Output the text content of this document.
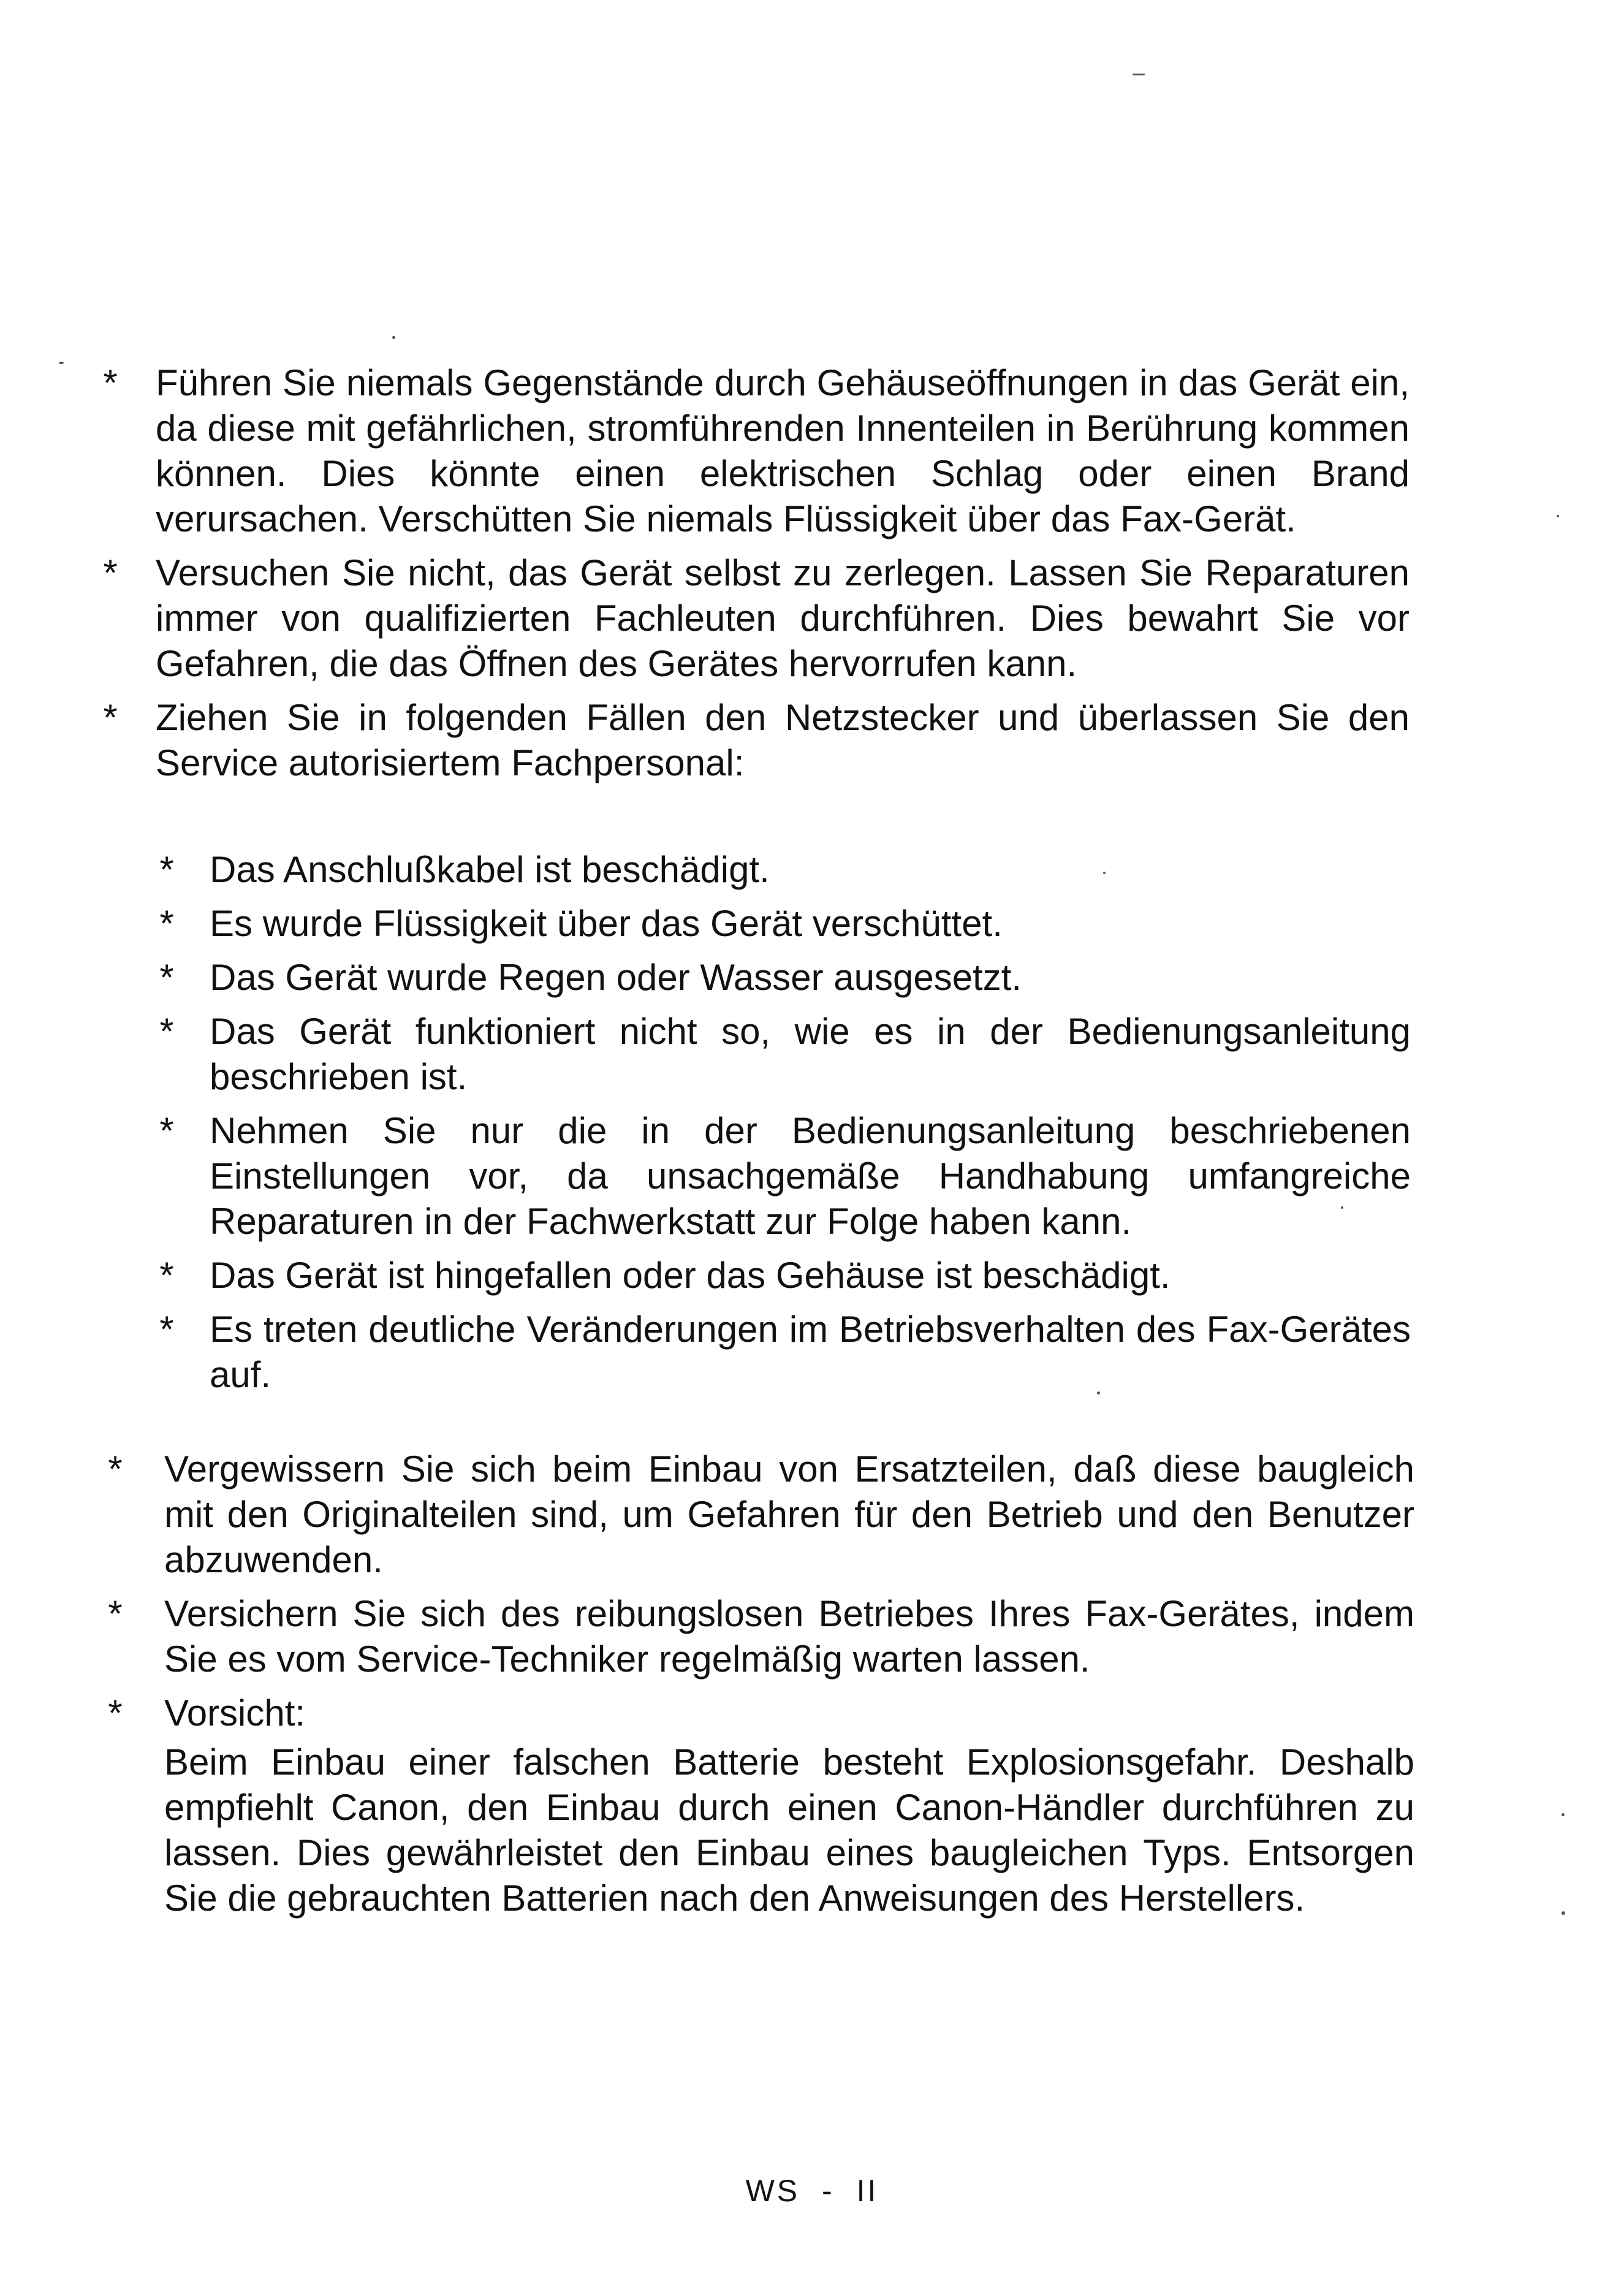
* Führen Sie niemals Gegenstände durch Gehäuseöffnungen in das Gerät ein, da diese mit gefährlichen, stromführenden Innenteilen in Berührung kommen können. Dies könnte einen elektrischen Schlag oder einen Brand verursachen. Verschütten Sie niemals Flüssigkeit über das Fax-Gerät.

* Versuchen Sie nicht, das Gerät selbst zu zerlegen. Lassen Sie Reparaturen immer von qualifizierten Fachleuten durchführen. Dies bewahrt Sie vor Gefahren, die das Öffnen des Gerätes hervorrufen kann.

* Ziehen Sie in folgenden Fällen den Netzstecker und überlassen Sie den Service autorisiertem Fachpersonal:

* Das Anschlußkabel ist beschädigt.

* Es wurde Flüssigkeit über das Gerät verschüttet.

* Das Gerät wurde Regen oder Wasser ausgesetzt.

* Das Gerät funktioniert nicht so, wie es in der Bedienungsanleitung beschrieben ist.

* Nehmen Sie nur die in der Bedienungsanleitung beschriebenen Einstellungen vor, da unsachgemäße Handhabung umfangreiche Reparaturen in der Fachwerkstatt zur Folge haben kann.

* Das Gerät ist hingefallen oder das Gehäuse ist beschädigt.

* Es treten deutliche Veränderungen im Betriebsverhalten des Fax-Gerätes auf.

* Vergewissern Sie sich beim Einbau von Ersatzteilen, daß diese baugleich mit den Originalteilen sind, um Gefahren für den Betrieb und den Benutzer abzuwenden.

* Versichern Sie sich des reibungslosen Betriebes Ihres Fax-Gerätes, indem Sie es vom Service-Techniker regelmäßig warten lassen.

* Vorsicht:

Beim Einbau einer falschen Batterie besteht Explosionsgefahr. Deshalb empfiehlt Canon, den Einbau durch einen Canon-Händler durchführen zu lassen. Dies gewährleistet den Einbau eines baugleichen Typs. Entsorgen Sie die gebrauchten Batterien nach den Anweisungen des Herstellers.

WS - II
